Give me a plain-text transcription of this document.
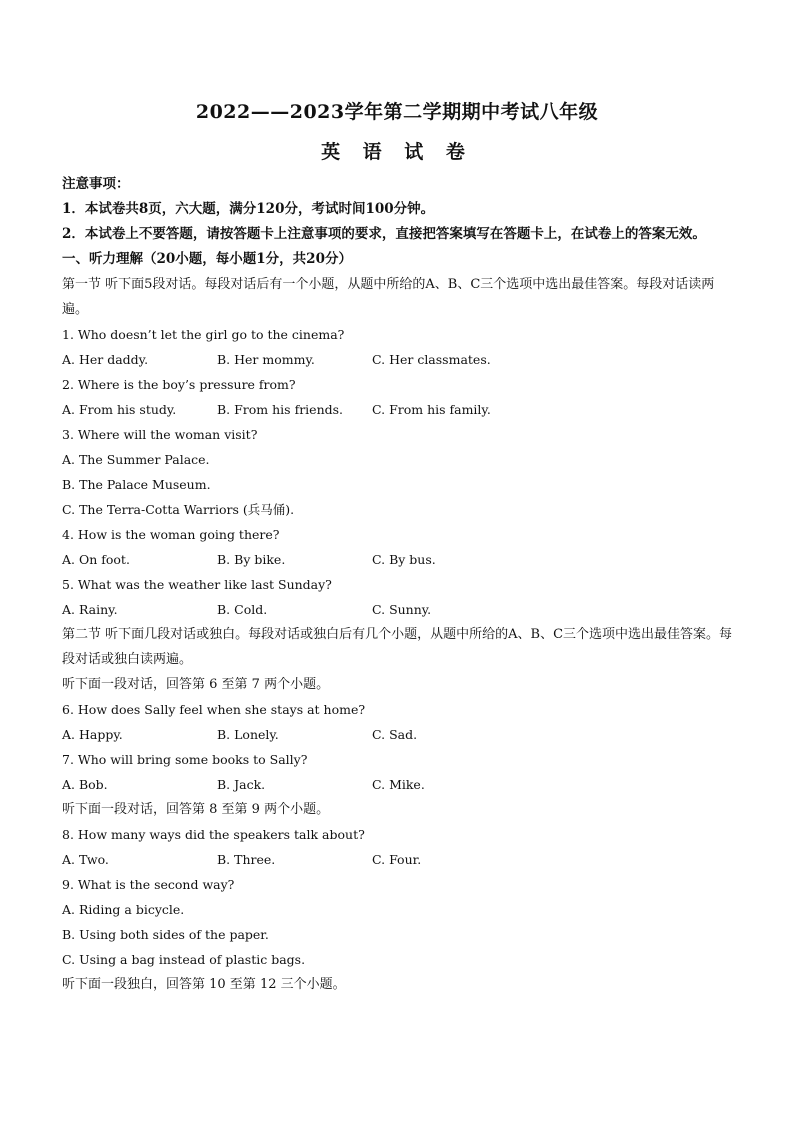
2022——2023学年第二学期期中考试八年级
英 语 试 卷
注意事项：
1．本试卷共8页，六大题，满分120分，考试时间100分钟。
2．本试卷上不要答题，请按答题卡上注意事项的要求，直接把答案填写在答题卡上，在试卷上的答案无效。
一、听力理解（20小题，每小题1分，共20分）
第一节 听下面5段对话。每段对话后有一个小题，从题中所给的A、B、C三个选项中选出最佳答案。每段对话读两遍。
1. Who doesn’t let the girl go to the cinema?
A. Her daddy.	B. Her mommy.	C. Her classmates.
2. Where is the boy’s pressure from?
A. From his study.	B. From his friends.	C. From his family.
3. Where will the woman visit?
A. The Summer Palace.
B. The Palace Museum.
C. The Terra-Cotta Warriors (兵马俑).
4. How is the woman going there?
A. On foot.	B. By bike.	C. By bus.
5. What was the weather like last Sunday?
A. Rainy.	B. Cold.	C. Sunny.
第二节 听下面几段对话或独白。每段对话或独白后有几个小题，从题中所给的A、B、C三个选项中选出最佳答案。每段对话或独白读两遍。
听下面一段对话，回答第 6 至第 7 两个小题。
6. How does Sally feel when she stays at home?
A. Happy.	B. Lonely.	C. Sad.
7. Who will bring some books to Sally?
A. Bob.	B. Jack.	C. Mike.
听下面一段对话，回答第 8 至第 9 两个小题。
8. How many ways did the speakers talk about?
A. Two.	B. Three.	C. Four.
9. What is the second way?
A. Riding a bicycle.
B. Using both sides of the paper.
C. Using a bag instead of plastic bags.
听下面一段独白，回答第 10 至第 12 三个小题。
